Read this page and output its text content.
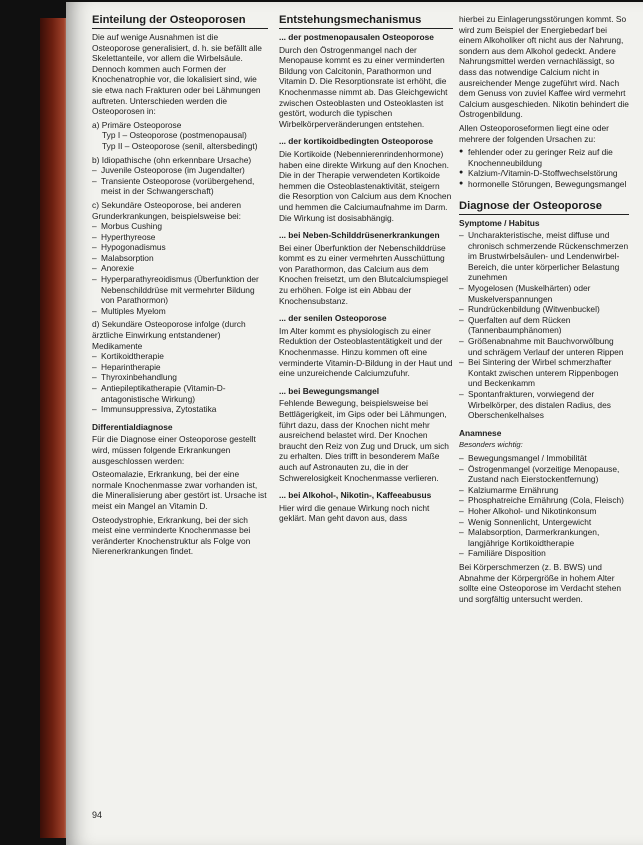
Einteilung der Osteoporosen

Die auf wenige Ausnahmen ist die Osteoporose generalisiert, d. h. sie befällt alle Skelettanteile, vor allem die Wirbelsäule. Dennoch kommen auch Formen der Knochenatrophie vor, die lokalisiert sind, wie sie etwa nach Frakturen oder bei Lähmungen auftreten. Unterschieden werden die Osteoporosen in:

a) Primäre Osteoporose
Typ I – Osteoporose (postmenopausal)
Typ II – Osteoporose (senil, altersbedingt)
b) Idiopathische (ohn erkennbare Ursache)
– Juvenile Osteoporose (im Jugendalter)
– Transiente Osteoporose (vorübergehend, meist in der Schwangerschaft)
c) Sekundäre Osteoporose, bei anderen Grunderkrankungen, beispielsweise bei:
– Morbus Cushing
– Hyperthyreose
– Hypogonadismus
– Malabsorption
– Anorexie
– Hyperparathyreoidismus (Überfunktion der Nebenschilddrüse mit vermehrter Bildung von Parathormon)
– Multiples Myelom
d) Sekundäre Osteoporose infolge (durch ärztliche Einwirkung entstandener) Medikamente
– Kortikoidtherapie
– Heparintherapie
– Thyroxinbehandlung
– Antiepileptikatherapie (Vitamin-D-antagonistische Wirkung)
– Immunsuppressiva, Zytostatika
Differentialdiagnose

Für die Diagnose einer Osteoporose gestellt wird, müssen folgende Erkrankungen ausgeschlossen werden:

Osteomalazie, Erkrankung, bei der eine normale Knochenmasse zwar vorhanden ist, die Mineralisierung aber gestört ist. Ursache ist meist ein Mangel an Vitamin D.

Osteodystrophie, Erkrankung, bei der sich meist eine verminderte Knochenmasse bei veränderter Knochenstruktur als Folge von Nierenerkrankungen findet.

Entstehungsmechanismus
... der postmenopausalen Osteoporose

Durch den Östrogenmangel nach der Menopause kommt es zu einer verminderten Bildung von Calcitonin, Parathormon und Vitamin D. Die Resorptionsrate ist erhöht, die Knochenmasse nimmt ab. Das Gleichgewicht zwischen Osteoblasten und Osteoklasten ist gestört, wodurch die typischen Wirbelkörperveränderungen entstehen.

... der kortikoidbedingten Osteoporose

Die Kortikoide (Nebennierenrindenhormone) haben eine direkte Wirkung auf den Knochen. Die in der Therapie verwendeten Kortikoide hemmen die Osteoblastenaktivität, steigern die Resorption von Calcium aus dem Knochen und hemmen die Calciumaufnahme im Darm. Die Wirkung ist dosisabhängig.

... bei Neben-Schilddrüsenerkrankungen

Bei einer Überfunktion der Nebenschilddrüse kommt es zu einer vermehrten Ausschüttung von Parathormon, das Calcium aus dem Knochen freisetzt, um den Blutcalciumspiegel zu erhöhen. Folge ist ein Abbau der Knochensubstanz.

... der senilen Osteoporose

Im Alter kommt es physiologisch zu einer Reduktion der Osteoblastentätigkeit und der Knochenmasse. Hinzu kommen oft eine verminderte Vitamin-D-Bildung in der Haut und eine unzureichende Calciumzufuhr.

... bei Bewegungsmangel

Fehlende Bewegung, beispielsweise bei Bettlägerigkeit, im Gips oder bei Lähmungen, führt dazu, dass der Knochen nicht mehr ausreichend belastet wird. Der Knochen braucht den Reiz von Zug und Druck, um sich zu erhalten. Dies trifft in besonderem Maße auch auf Astronauten zu, die in der Schwerelosigkeit Knochenmasse verlieren.

... bei Alkohol-, Nikotin-, Kaffeeabusus

Hier wird die genaue Wirkung noch nicht geklärt. Man geht davon aus, dass

hierbei zu Einlagerungsstörungen kommt. So wird zum Beispiel der Energiebedarf bei einem Alkoholiker oft nicht aus der Nahrung, sondern aus dem Alkohol gedeckt. Andere Nahrungsmittel werden vernachlässigt, so dass das notwendige Calcium nicht in ausreichender Menge zugeführt wird. Nach dem Genuss von zuviel Kaffee wird vermehrt Calcium ausgeschieden. Nikotin behindert die Östrogenbildung.

Allen Osteoporoseformen liegt eine oder mehrere der folgenden Ursachen zu:

● fehlender oder zu geringer Reiz auf die Knochenneubildung
● Kalzium-/Vitamin-D-Stoffwechselstörung
● hormonelle Störungen, Bewegungsmangel
Diagnose der Osteoporose
Symptome / Habitus
– Uncharakteristische, meist diffuse und chronisch schmerzende Rückenschmerzen im Brustwirbelsäulen- und Lendenwirbel-Bereich, die unter körperlicher Belastung zunehmen
– Myogelosen (Muskelhärten) oder Muskelverspannungen
– Rundrückenbildung (Witwenbuckel)
– Querfalten auf dem Rücken (Tannenbaumphänomen)
– Größenabnahme mit Bauchvorwölbung und schrägem Verlauf der unteren Rippen
– Bei Sintering der Wirbel schmerzhafter Kontakt zwischen unterem Rippenbogen und Beckenkamm
– Spontanfrakturen, vorwiegend der Wirbelkörper, des distalen Radius, des Oberschenkelhalses
Anamnese
Besonders wichtig:
– Bewegungsmangel / Immobilität
– Östrogenmangel (vorzeitige Menopause, Zustand nach Eierstockentfernung)
– Kalziumarme Ernährung
– Phosphatreiche Ernährung (Cola, Fleisch)
– Hoher Alkohol- und Nikotinkonsum
– Wenig Sonnenlicht, Untergewicht
– Malabsorption, Darmerkrankungen, langjährige Kortikoidtherapie
– Familiäre Disposition

Bei Körperschmerzen (z. B. BWS) und Abnahme der Körpergröße in hohem Alter sollte eine Osteoporose im Verdacht stehen und sorgfältig untersucht werden.

94
